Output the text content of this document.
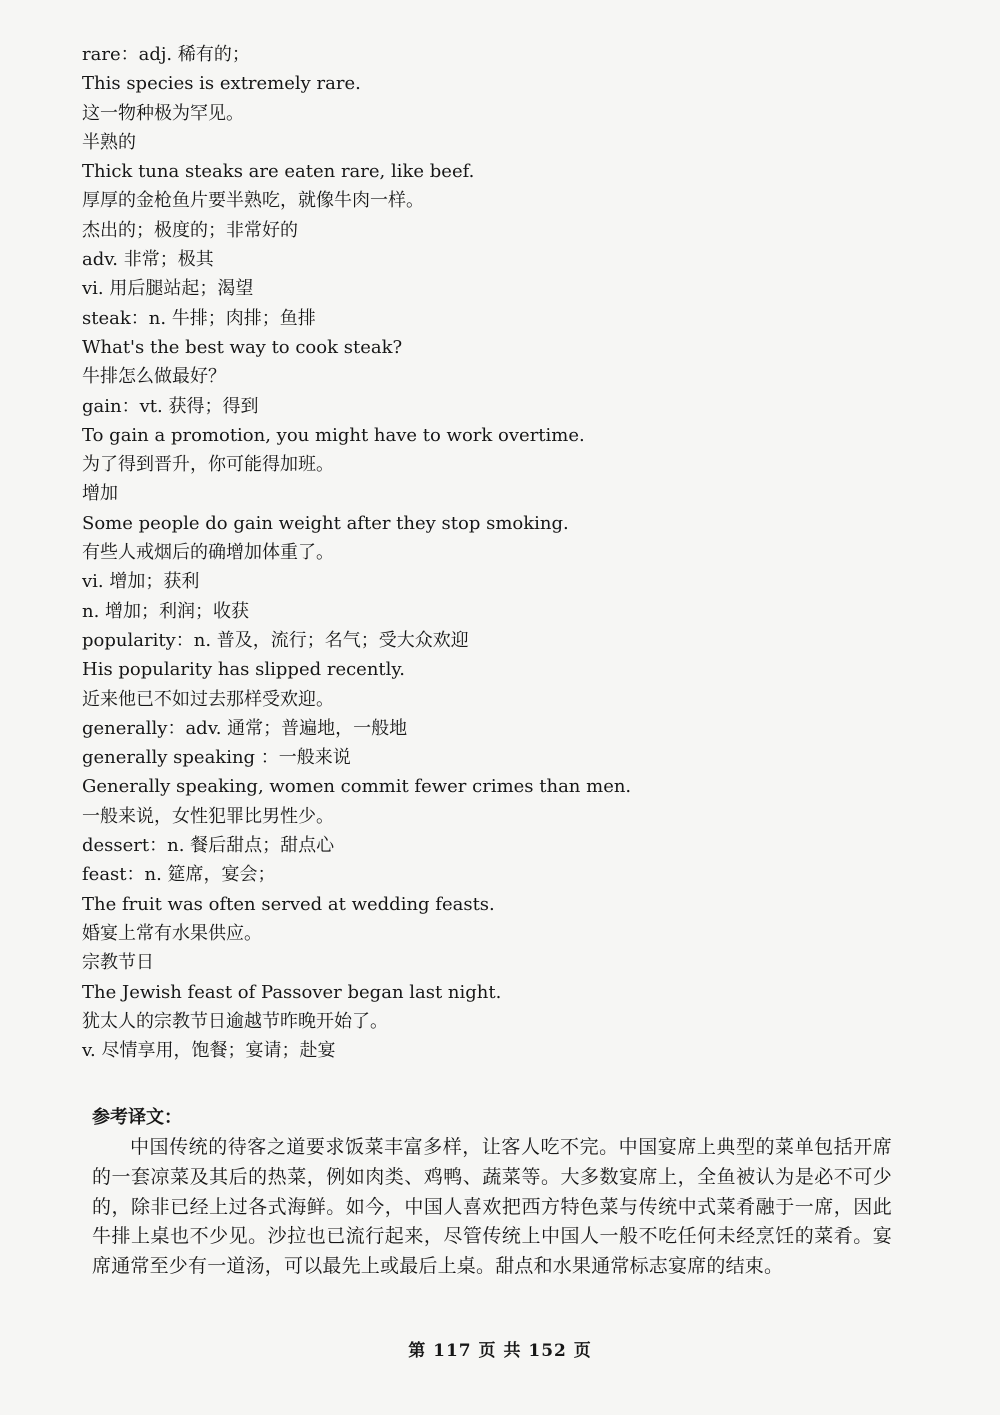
rare：adj. 稀有的；
This species is extremely rare.
这一物种极为罕见。
半熟的
Thick tuna steaks are eaten rare, like beef.
厚厚的金枪鱼片要半熟吃，就像牛肉一样。
杰出的；极度的；非常好的
adv. 非常；极其
vi. 用后腿站起；渴望
steak：n. 牛排；肉排；鱼排
What's the best way to cook steak?
牛排怎么做最好？
gain：vt. 获得；得到
To gain a promotion, you might have to work overtime.
为了得到晋升，你可能得加班。
增加
Some people do gain weight after they stop smoking.
有些人戒烟后的确增加体重了。
vi. 增加；获利
n. 增加；利润；收获
popularity：n. 普及，流行；名气；受大众欢迎
His popularity has slipped recently.
近来他已不如过去那样受欢迎。
generally：adv. 通常；普遍地，一般地
generally speaking ：一般来说
Generally speaking, women commit fewer crimes than men.
一般来说，女性犯罪比男性少。
dessert：n. 餐后甜点；甜点心
feast：n. 筵席，宴会；
The fruit was often served at wedding feasts.
婚宴上常有水果供应。
宗教节日
The Jewish feast of Passover began last night.
犹太人的宗教节日逾越节昨晚开始了。
v. 尽情享用，饱餐；宴请；赴宴
参考译文：

中国传统的待客之道要求饭菜丰富多样，让客人吃不完。中国宴席上典型的菜单包括开席的一套凉菜及其后的热菜，例如肉类、鸡鸭、蔬菜等。大多数宴席上，全鱼被认为是必不可少的，除非已经上过各式海鲜。如今，中国人喜欢把西方特色菜与传统中式菜肴融于一席，因此牛排上桌也不少见。沙拉也已流行起来，尽管传统上中国人一般不吃任何未经烹饪的菜肴。宴席通常至少有一道汤，可以最先上或最后上桌。甜点和水果通常标志宴席的结束。

第 117 页 共 152 页
